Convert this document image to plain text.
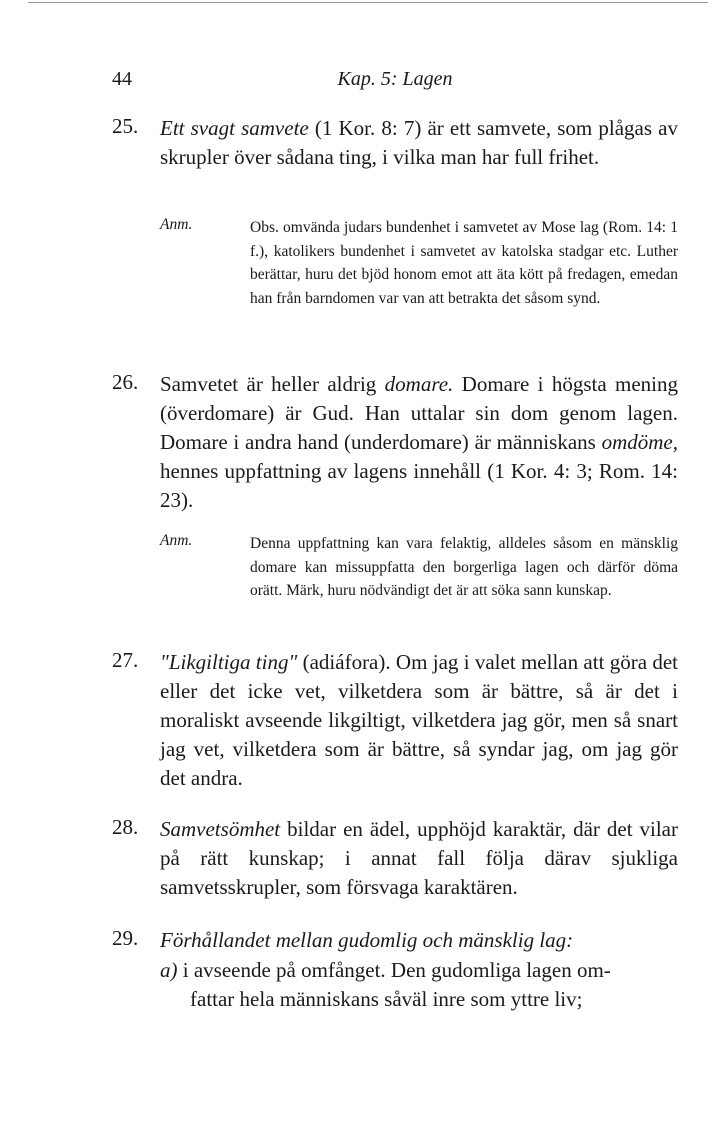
44	Kap. 5: Lagen
25. Ett svagt samvete (1 Kor. 8: 7) är ett samvete, som plågas av skrupler över sådana ting, i vilka man har full frihet.
Anm.	Obs. omvända judars bundenhet i samvetet av Mose lag (Rom. 14: 1 f.), katolikers bundenhet i samvetet av katolska stadgar etc. Luther berättar, huru det bjöd honom emot att äta kött på fredagen, emedan han från barndomen var van att betrakta det såsom synd.
26. Samvetet är heller aldrig domare. Domare i högsta mening (överdomare) är Gud. Han uttalar sin dom genom lagen. Domare i andra hand (underdomare) är människans omdöme, hennes uppfattning av lagens innehåll (1 Kor. 4: 3; Rom. 14: 23).
Anm.	Denna uppfattning kan vara felaktig, alldeles såsom en mänsklig domare kan missuppfatta den borgerliga lagen och därför döma orätt. Märk, huru nödvändigt det är att söka sann kunskap.
27. "Likgiltiga ting" (adiáfora). Om jag i valet mellan att göra det eller det icke vet, vilketdera som är bättre, så är det i moraliskt avseende likgiltigt, vilketdera jag gör, men så snart jag vet, vilketdera som är bättre, så syndar jag, om jag gör det andra.
28. Samvetsömhet bildar en ädel, upphöjd karaktär, där det vilar på rätt kunskap; i annat fall följa därav sjukliga samvetsskrupler, som försvaga karaktären.
29. Förhållandet mellan gudomlig och mänsklig lag:
a) i avseende på omfånget. Den gudomliga lagen om-
fattar hela människans såväl inre som yttre liv;
